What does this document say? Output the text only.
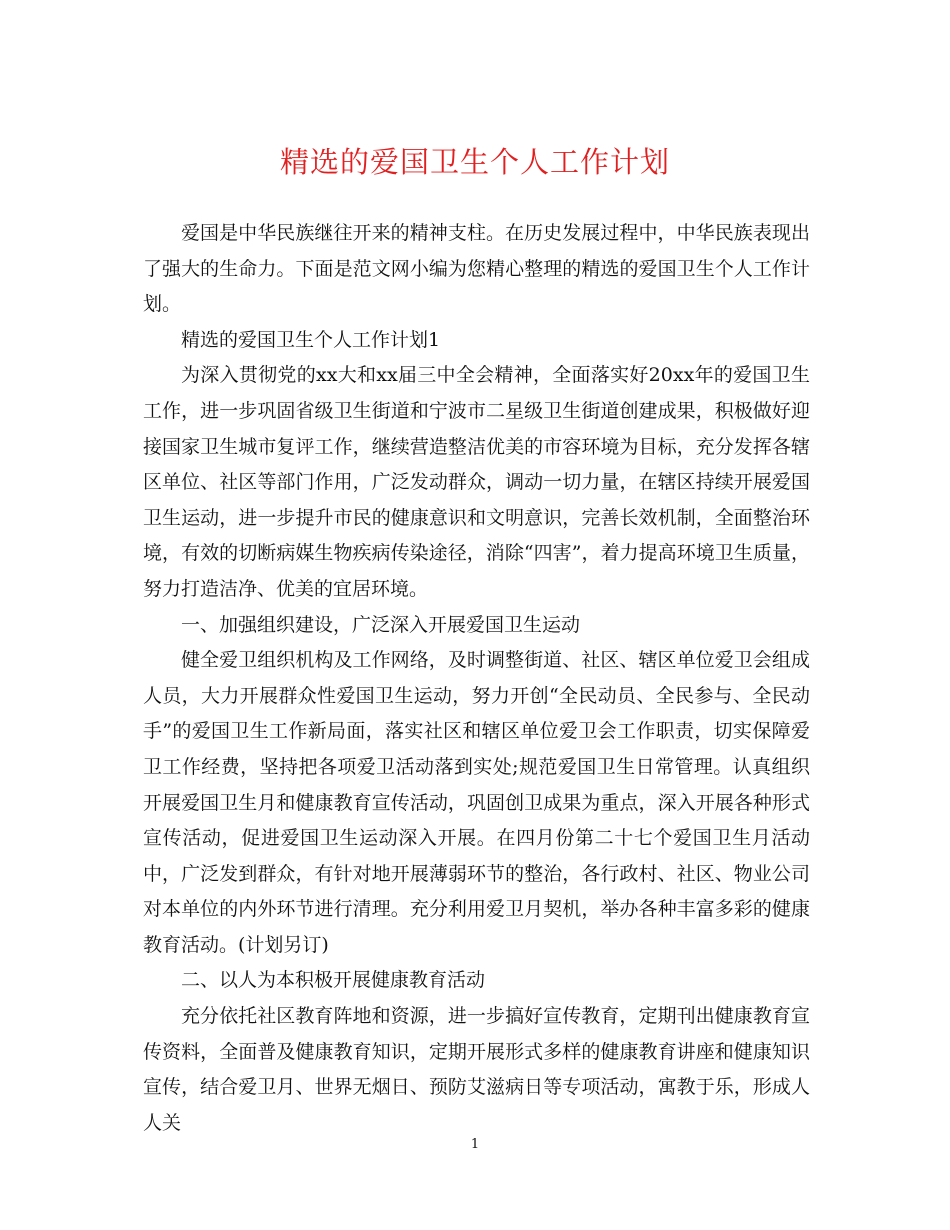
精选的爱国卫生个人工作计划

爱国是中华民族继往开来的精神支柱。在历史发展过程中，中华民族表现出了强大的生命力。下面是范文网小编为您精心整理的精选的爱国卫生个人工作计划。

精选的爱国卫生个人工作计划1

为深入贯彻党的xx大和xx届三中全会精神，全面落实好20xx年的爱国卫生工作，进一步巩固省级卫生街道和宁波市二星级卫生街道创建成果，积极做好迎接国家卫生城市复评工作，继续营造整洁优美的市容环境为目标，充分发挥各辖区单位、社区等部门作用，广泛发动群众，调动一切力量，在辖区持续开展爱国卫生运动，进一步提升市民的健康意识和文明意识，完善长效机制，全面整治环境，有效的切断病媒生物疾病传染途径，消除“四害”，着力提高环境卫生质量，努力打造洁净、优美的宜居环境。

一、加强组织建设，广泛深入开展爱国卫生运动

健全爱卫组织机构及工作网络，及时调整街道、社区、辖区单位爱卫会组成人员，大力开展群众性爱国卫生运动，努力开创“全民动员、全民参与、全民动手”的爱国卫生工作新局面，落实社区和辖区单位爱卫会工作职责，切实保障爱卫工作经费，坚持把各项爱卫活动落到实处;规范爱国卫生日常管理。认真组织开展爱国卫生月和健康教育宣传活动，巩固创卫成果为重点，深入开展各种形式宣传活动，促进爱国卫生运动深入开展。在四月份第二十七个爱国卫生月活动中，广泛发到群众，有针对地开展薄弱环节的整治，各行政村、社区、物业公司对本单位的内外环节进行清理。充分利用爱卫月契机，举办各种丰富多彩的健康教育活动。(计划另订)

二、以人为本积极开展健康教育活动

充分依托社区教育阵地和资源，进一步搞好宣传教育，定期刊出健康教育宣传资料，全面普及健康教育知识，定期开展形式多样的健康教育讲座和健康知识宣传，结合爱卫月、世界无烟日、预防艾滋病日等专项活动，寓教于乐，形成人人关

1
